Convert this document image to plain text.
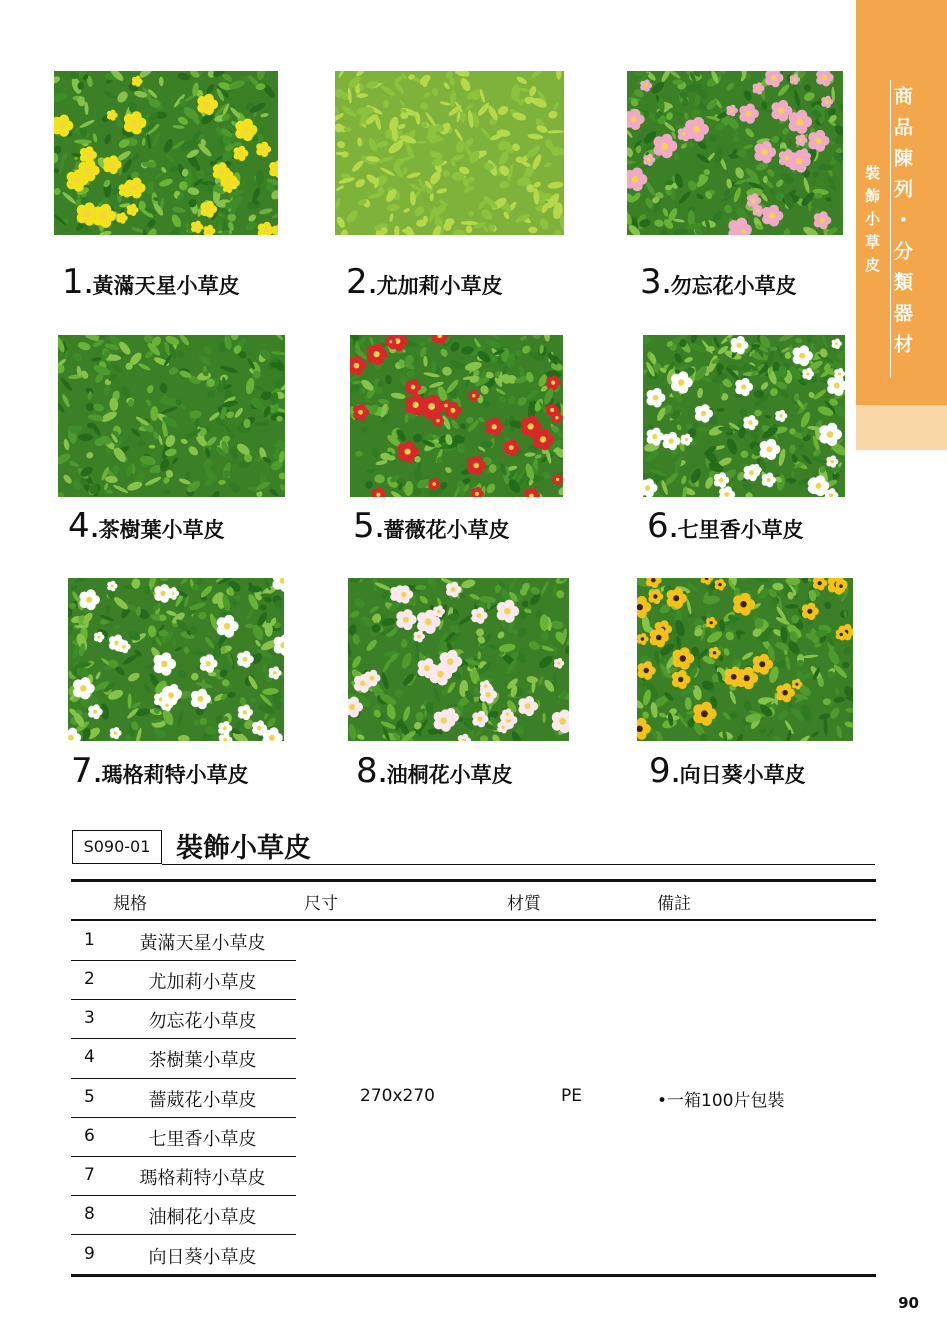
商品陳列・分類器材
裝飾小草皮
1.黃滿天星小草皮	2.尤加莉小草皮	3.勿忘花小草皮
4.茶樹葉小草皮	5.薔薇花小草皮	6.七里香小草皮
7.瑪格莉特小草皮	8.油桐花小草皮	9.向日葵小草皮
S090-01 裝飾小草皮
規格	尺寸	材質	備註
1	黃滿天星小草皮
2	尤加莉小草皮
3	勿忘花小草皮
4	茶樹葉小草皮
5	薔葳花小草皮
6	七里香小草皮
7	瑪格莉特小草皮
8	油桐花小草皮
9	向日葵小草皮
270x270	PE	•一箱100片包裝
90
